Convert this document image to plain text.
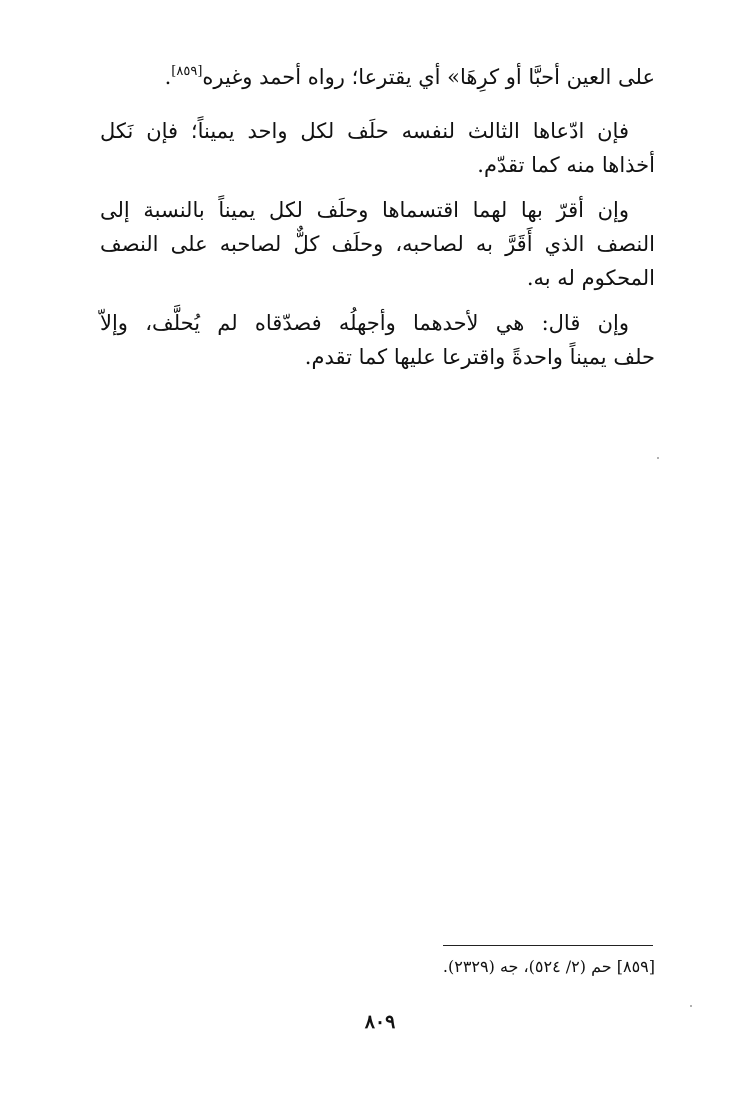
على العين أحبَّا أو كرِهَا» أي يقترعا؛ رواه أحمد وغيره[٨٥٩].
فإن ادّعاها الثالث لنفسه حلَف لكل واحد يميناً؛ فإن نَكل
أخذاها منه كما تقدّم.
وإن أقرّ بها لهما اقتسماها وحلَف لكل يميناً بالنسبة إلى
النصف الذي أَقَرَّ به لصاحبه، وحلَف كلٌّ لصاحبه على النصف
المحكوم له به.
وإن قال: هي لأحدهما وأجهلُه فصدّقاه لم يُحلَّف، وإلاّ
حلف يميناً واحدةً واقترعا عليها كما تقدم.
[٨٥٩] حم (٢/ ٥٢٤)، جه (٢٣٢٩).
٨٠٩
